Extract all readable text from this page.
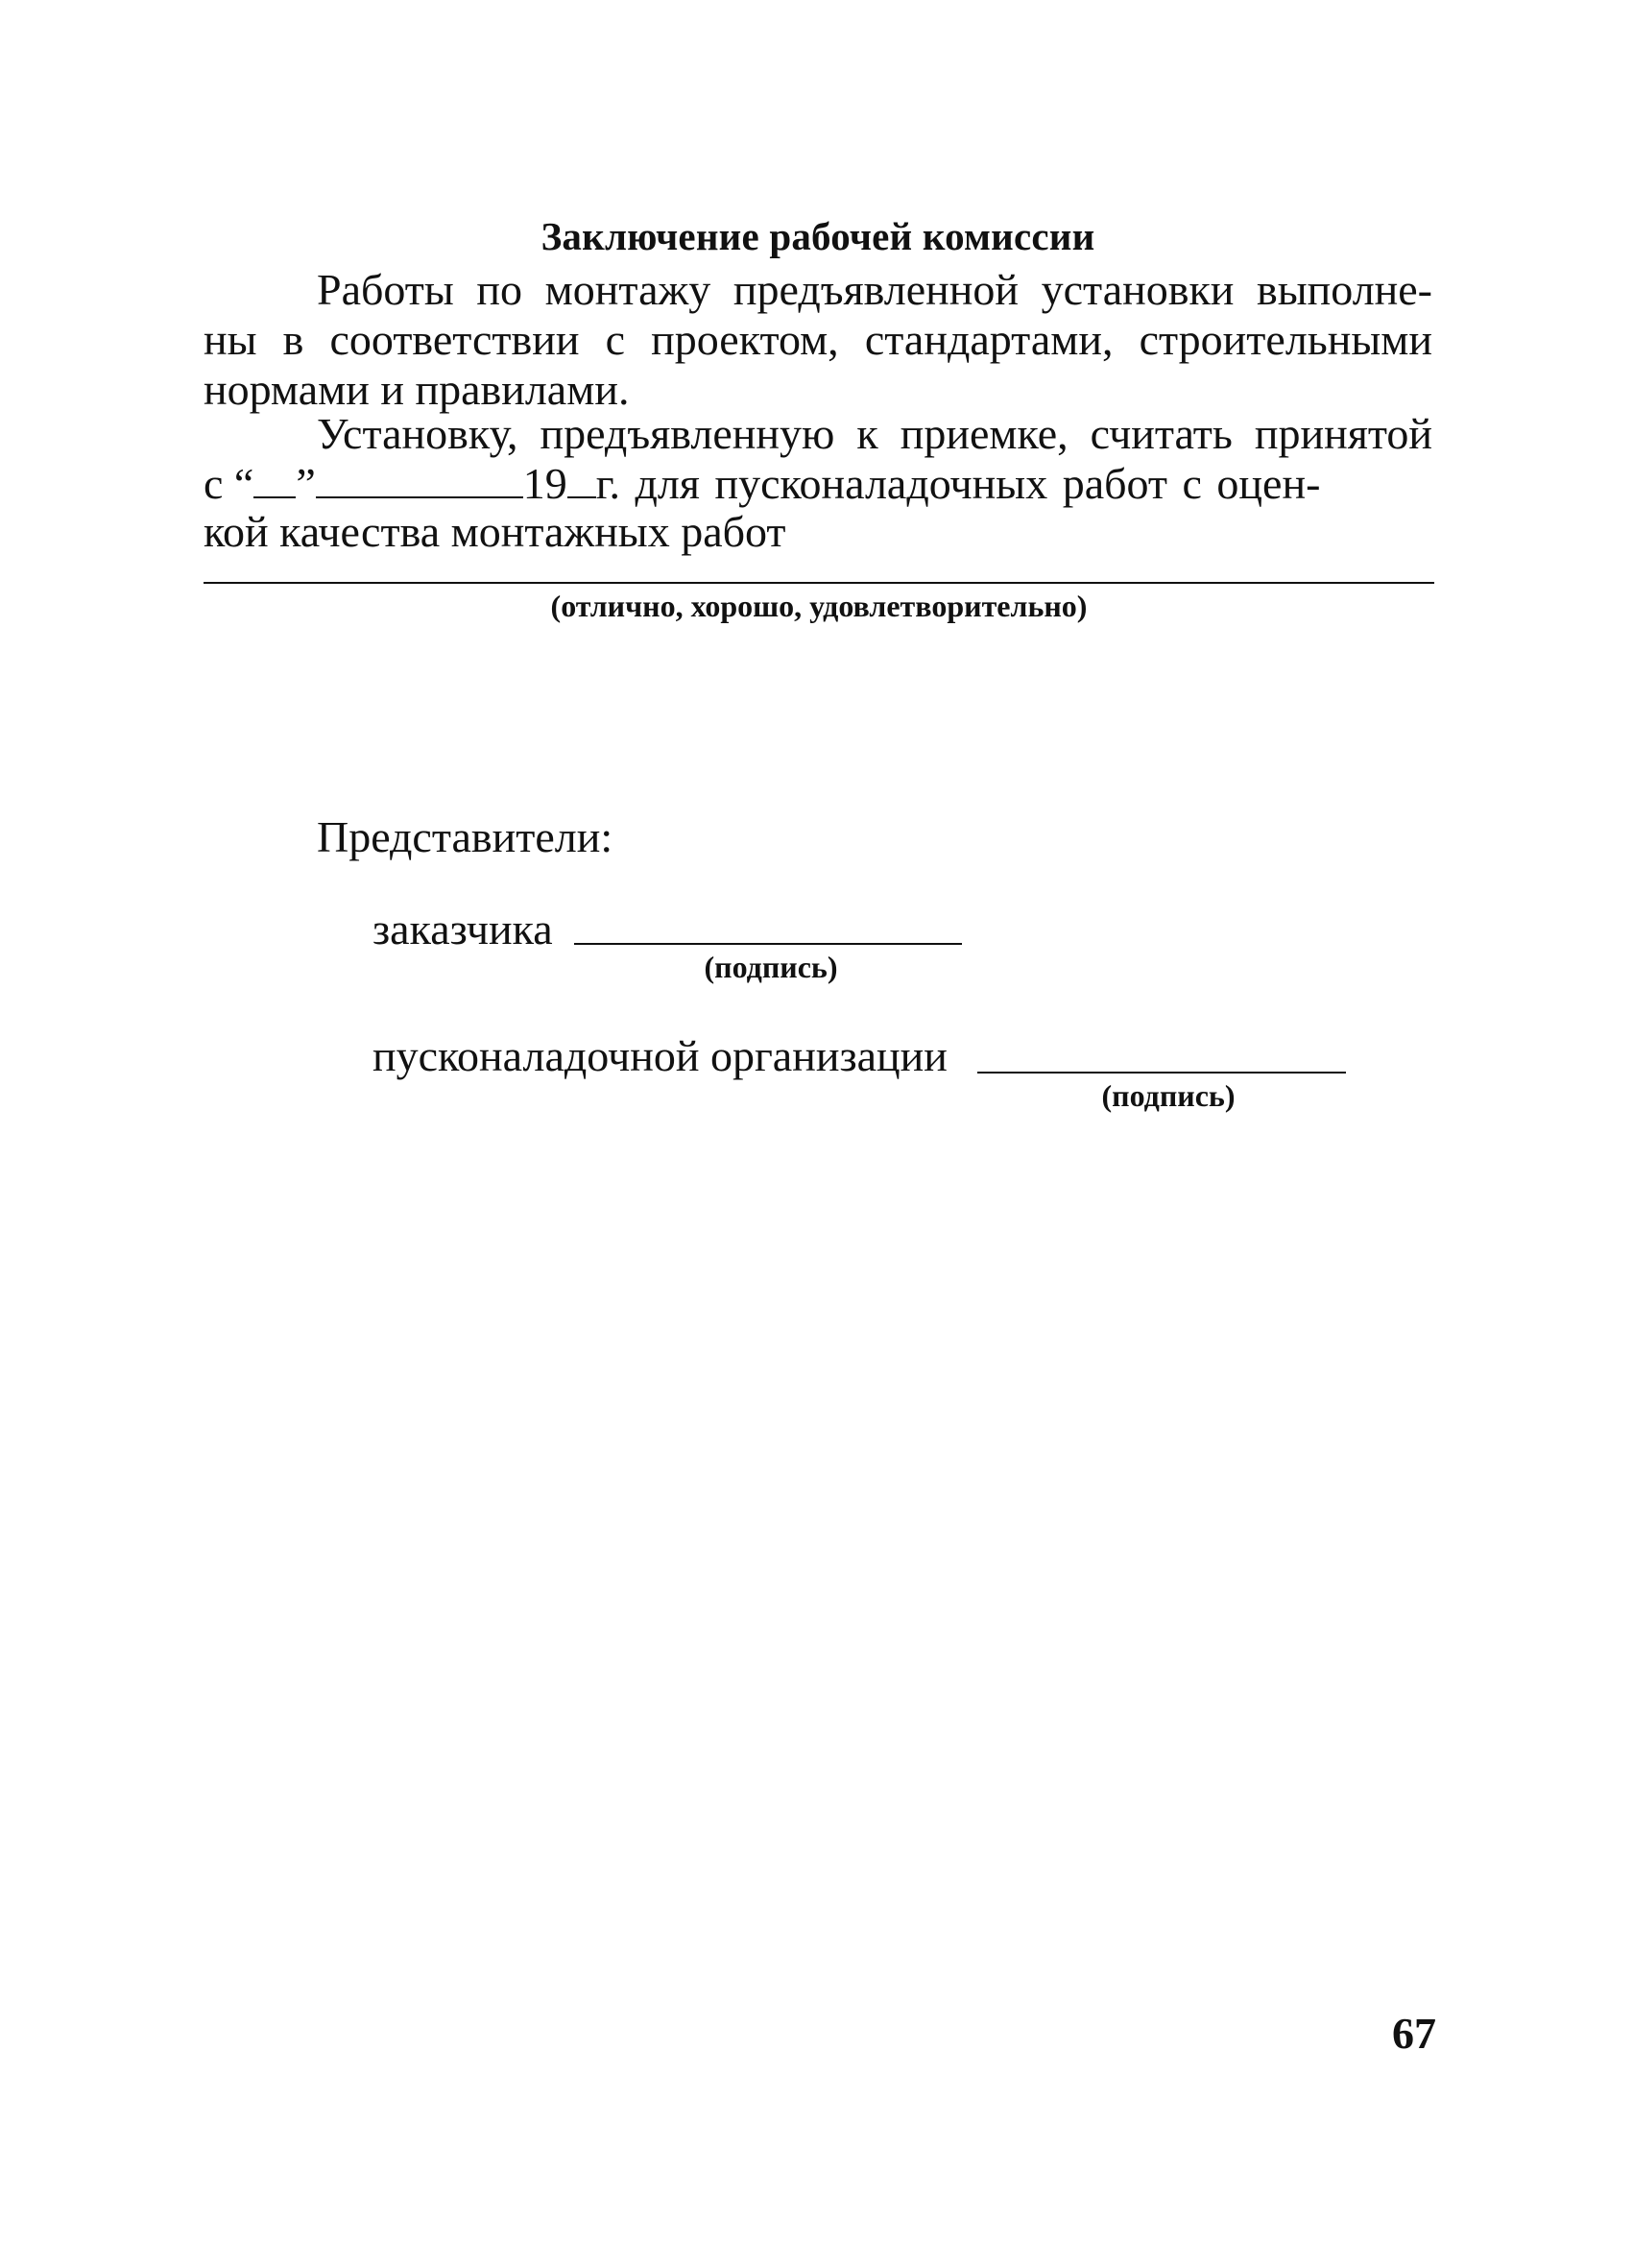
Заключение рабочей комиссии
Работы по монтажу предъявленной установки выполне-
ны в соответствии с проектом, стандартами, строительными
нормами и правилами.
Установку, предъявленную к приемке, считать принятой
с “ ”	19 г. для пусконаладочных работ с оцен-
кой качества монтажных работ
(отлично, хорошо, удовлетворительно)
Представители:
заказчика
(подпись)
пусконаладочной организации
(подпись)
67
